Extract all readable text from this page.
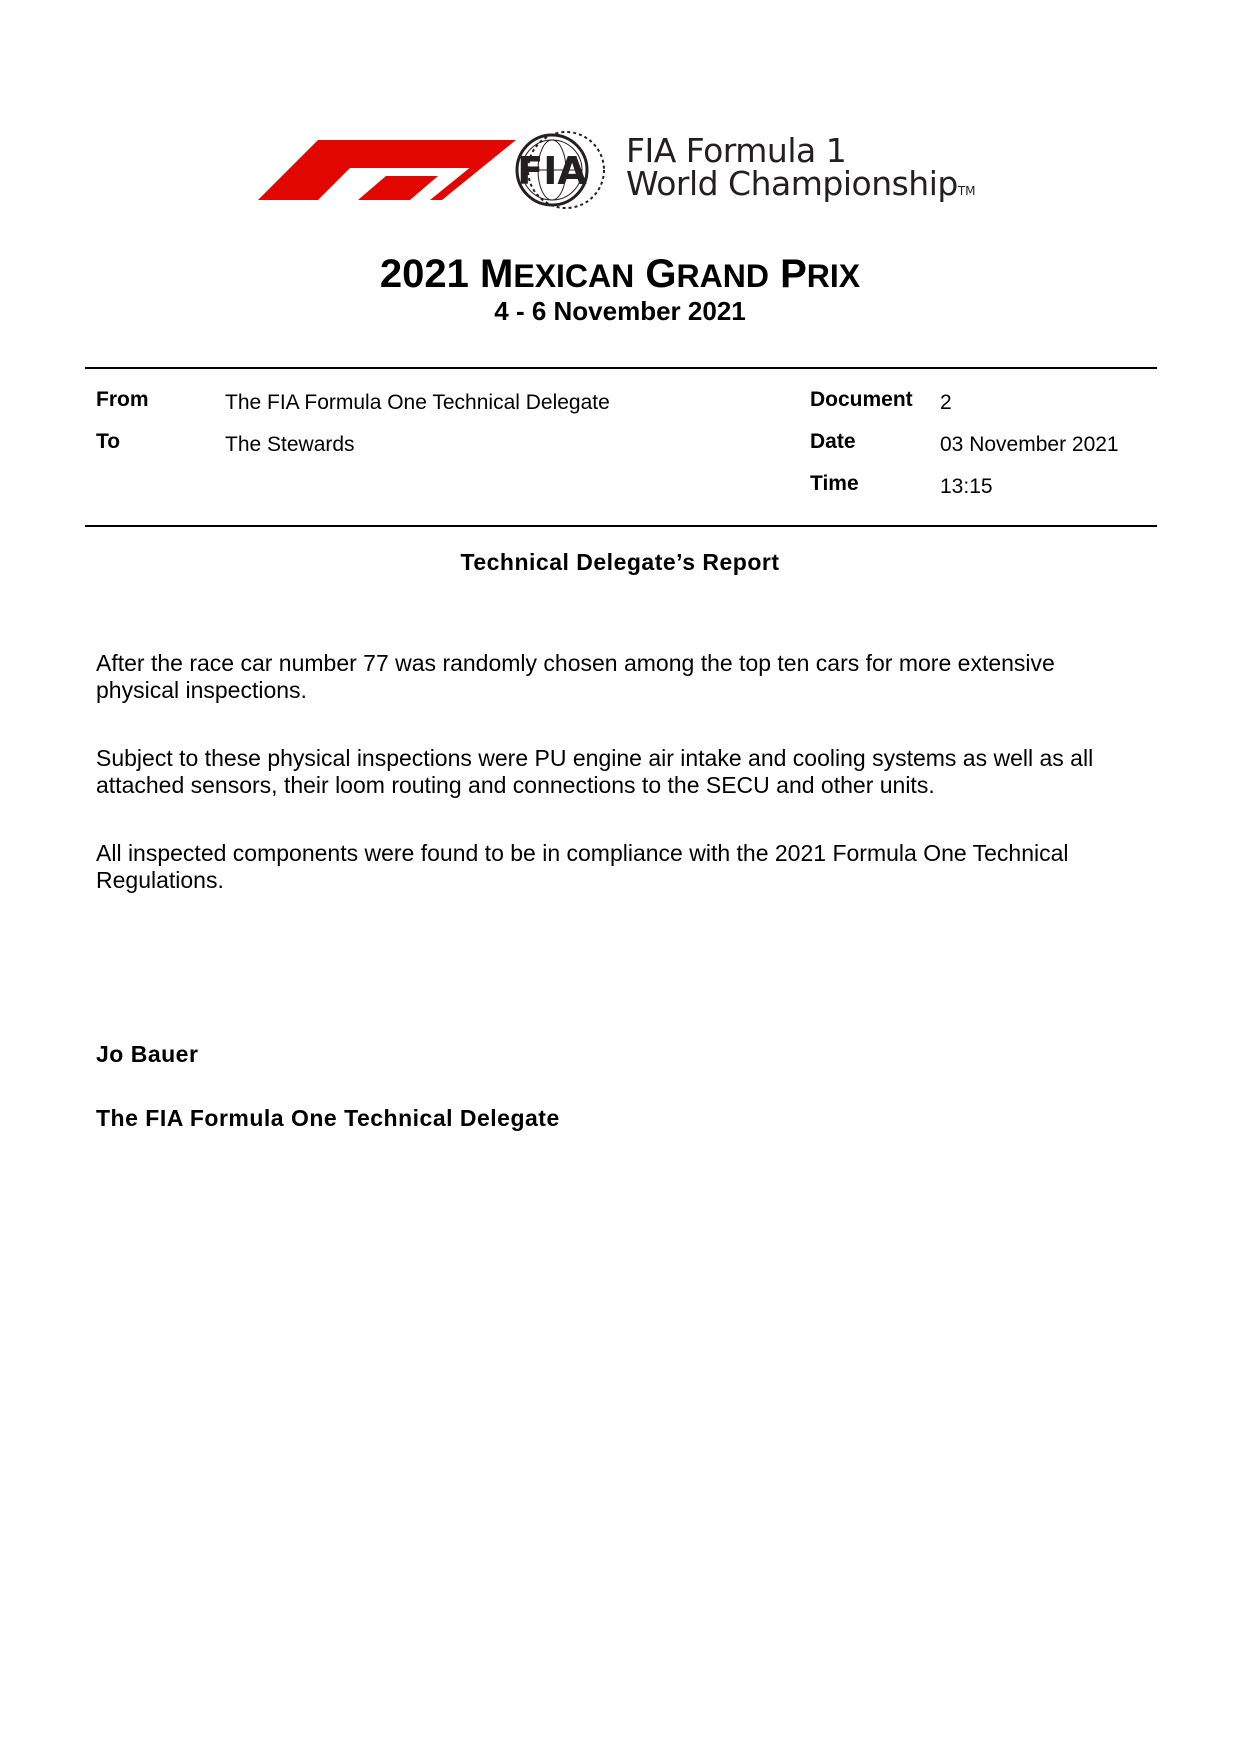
FIA FIA Formula 1
World ChampionshipTM
2021 MEXICAN GRAND PRIX
4 - 6 November 2021
From	The FIA Formula One Technical Delegate
To	The Stewards
Document 2
Date	03 November 2021
Time	13:15
Technical Delegate’s Report
After the race car number 77 was randomly chosen among the top ten cars for more extensive physical inspections.
Subject to these physical inspections were PU engine air intake and cooling systems as well as all attached sensors, their loom routing and connections to the SECU and other units.
All inspected components were found to be in compliance with the 2021 Formula One Technical Regulations.
Jo Bauer
The FIA Formula One Technical Delegate
